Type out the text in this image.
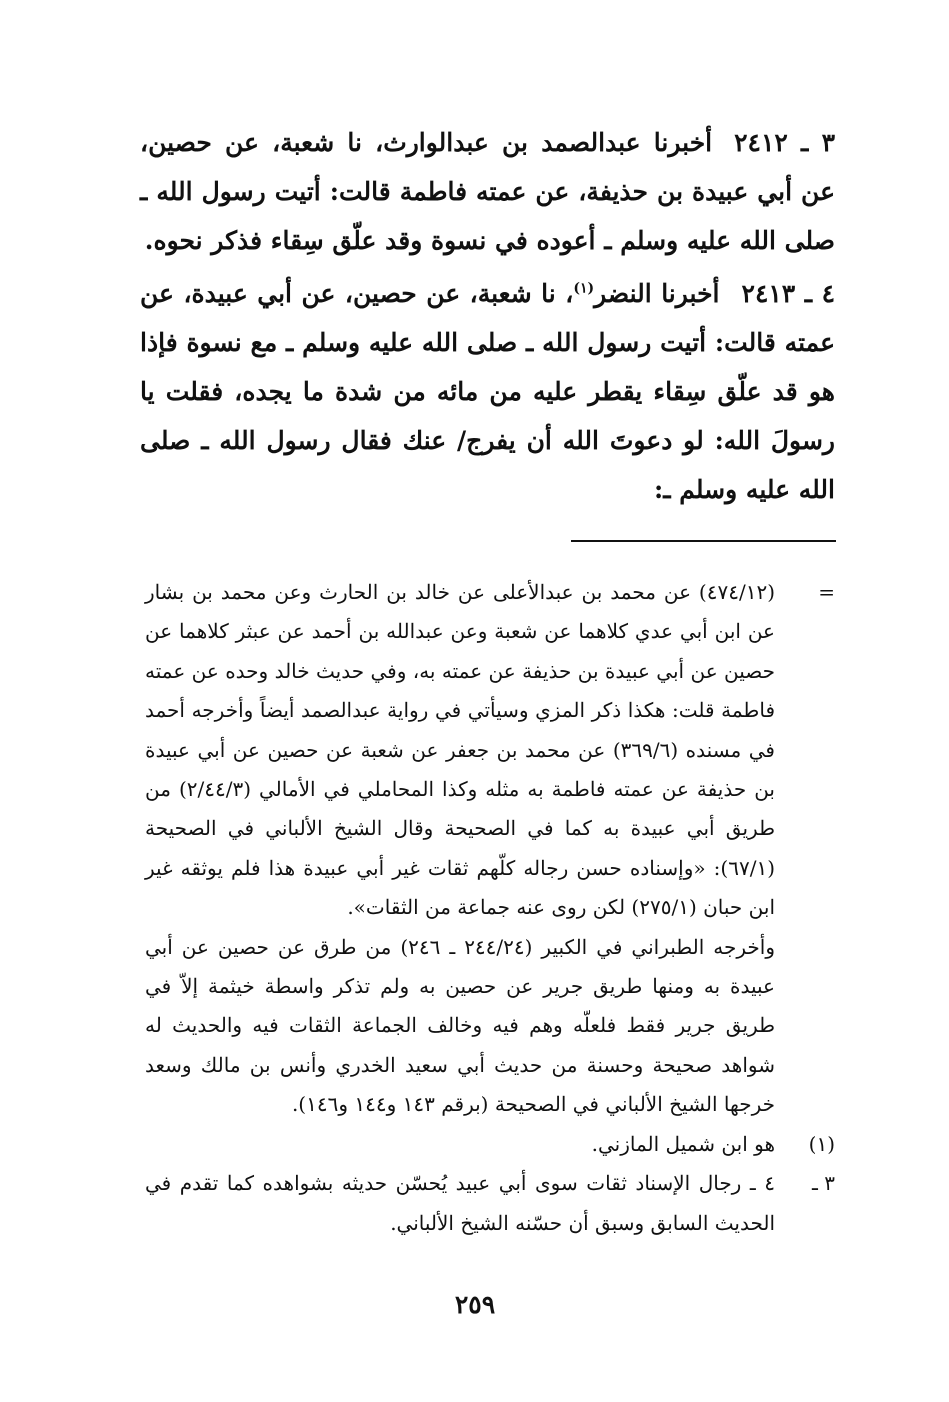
٣ ـ ٢٤١٢أخبرنا عبدالصمد بن عبدالوارث، نا شعبة، عن حصين، عن أبي عبيدة بن حذيفة، عن عمته فاطمة قالت: أتيت رسول الله ـ صلى الله عليه وسلم ـ أعوده في نسوة وقد علّق سِقاء فذكر نحوه.

٤ ـ ٢٤١٣أخبرنا النضر$^{(١)}$، نا شعبة، عن حصين، عن أبي عبيدة، عن عمته قالت: أتيت رسول الله ـ صلى الله عليه وسلم ـ مع نسوة فإذا هو قد علّق سِقاء يقطر عليه من مائه من شدة ما يجده، فقلت يا رسولَ الله: لو دعوتَ الله أن يفرج/ عنك فقال رسول الله ـ صلى الله عليه وسلم ـ:

=

(٤٧٤/١٢) عن محمد بن عبدالأعلى عن خالد بن الحارث وعن محمد بن بشار عن ابن أبي عدي كلاهما عن شعبة وعن عبدالله بن أحمد عن عبثر كلاهما عن حصين عن أبي عبيدة بن حذيفة عن عمته به، وفي حديث خالد وحده عن عمته فاطمة قلت: هكذا ذكر المزي وسيأتي في رواية عبدالصمد أيضاً وأخرجه أحمد في مسنده (٣٦٩/٦) عن محمد بن جعفر عن شعبة عن حصين عن أبي عبيدة بن حذيفة عن عمته فاطمة به مثله وكذا المحاملي في الأمالي (٢/٤٤/٣) من طريق أبي عبيدة به كما في الصحيحة وقال الشيخ الألباني في الصحيحة (٦٧/١): «وإسناده حسن رجاله كلّهم ثقات غير أبي عبيدة هذا فلم يوثقه غير ابن حبان (٢٧٥/١) لكن روى عنه جماعة من الثقات».

وأخرجه الطبراني في الكبير (٢٤٤/٢٤ ـ ٢٤٦) من طرق عن حصين عن أبي عبيدة به ومنها طريق جرير عن حصين به ولم تذكر واسطة خيثمة إلاّ في طريق جرير فقط فلعلّه وهم فيه وخالف الجماعة الثقات فيه والحديث له شواهد صحيحة وحسنة من حديث أبي سعيد الخدري وأنس بن مالك وسعد خرجها الشيخ الألباني في الصحيحة (برقم ١٤٣ و١٤٤ و١٤٦).

(١)
هو ابن شميل المازني.
٣ ـ
٤ ـ رجال الإسناد ثقات سوى أبي عبيد يُحسّن حديثه بشواهده كما تقدم في الحديث السابق وسبق أن حسّنه الشيخ الألباني.
٢٥٩
